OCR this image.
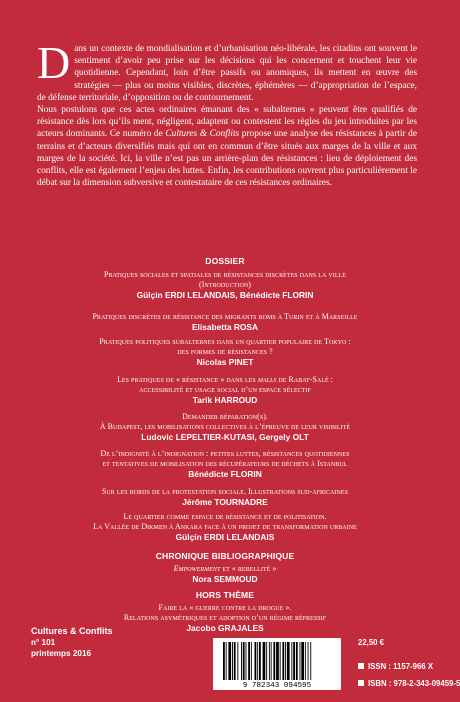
Dans un contexte de mondialisation et d’urbanisation néo-libérale, les citadins ont souvent le sentiment d’avoir peu prise sur les décisions qui les concernent et touchent leur vie quotidienne. Cependant, loin d’être passifs ou anomiques, ils mettent en œuvre des stratégies — plus ou moins visibles, discrètes, éphémères — d’appropriation de l’espace, de défense territoriale, d’opposition ou de contournement.

Nous postulons que ces actes ordinaires émanant des « subalternes » peuvent être qualifiés de résistance dès lors qu’ils ment, négligent, adaptent ou contestent les règles du jeu introduites par les acteurs dominants. Ce numéro de Cultures & Conflits propose une analyse des résistances à partir de terrains et d’acteurs diversifiés mais qui ont en commun d’être situés aux marges de la ville et aux marges de la société. Ici, la ville n’est pas un arrière-plan des résistances : lieu de déploiement des conflits, elle est également l’enjeu des luttes. Enfin, les contributions ouvrent plus particulièrement le débat sur la dimension subversive et contestataire de ces résistances ordinaires.

DOSSIER
Pratiques sociales et spatiales de résistances discrètes dans la ville
(Introduction)
Gülçin ERDI LELANDAIS, Bénédicte FLORIN
Pratiques discrètes de résistance des migrants roms à Turin et à Marseille
Elisabetta ROSA
Pratiques politiques subalternes dans un quartier populaire de Tokyo :
des formes de résistances ?
Nicolas PINET
Les pratiques de « résistance » dans les malls de Rabat-Salé :
accessibilité et usage social d’un espace sélectif
Tarik HARROUD
Demander réparation(s).
À Budapest, les mobilisations collectives à l’épreuve de leur visibilité
Ludovic LEPELTIER-KUTASI, Gergely OLT
De l’indignité à l’indignation : petites luttes, résistances quotidiennes
et tentatives de mobilisation des récupérateurs de déchets à Istanbul
Bénédicte FLORIN
Sur les bords de la protestation sociale. Illustrations sud-africaines
Jérôme TOURNADRE
Le quartier comme espace de résistance et de politisation.
La Vallée de Dikmen à Ankara face à un projet de transformation urbaine
Gülçin ERDI LELANDAIS
CHRONIQUE BIBLIOGRAPHIQUE
Empowerment et « rebellité »
Nora SEMMOUD
HORS THÈME
Faire la « guerre contre la drogue ».
Relations asymétriques et adoption d’un régime répressif
Jacobo GRAJALES
Cultures & Conflits
n° 101
printemps 2016
9 782343 094595
22,50 €
ISSN : 1157-966 X
ISBN : 978-2-343-09459-5
